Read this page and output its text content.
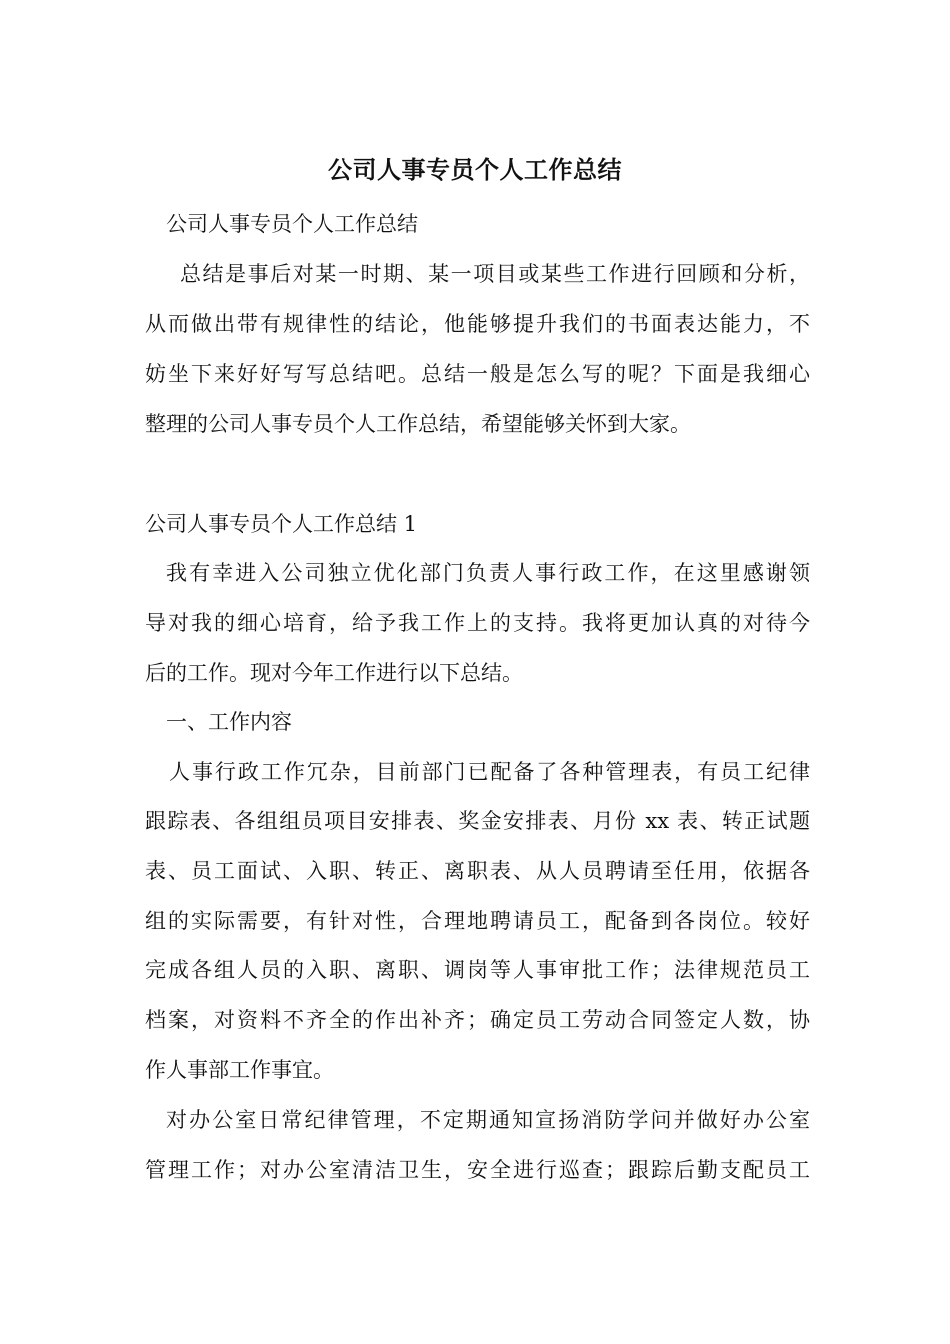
公司人事专员个人工作总结
公司人事专员个人工作总结
总结是事后对某一时期、某一项目或某些工作进行回顾和分析，
从而做出带有规律性的结论，他能够提升我们的书面表达能力，不
妨坐下来好好写写总结吧。总结一般是怎么写的呢？下面是我细心
整理的公司人事专员个人工作总结，希望能够关怀到大家。
公司人事专员个人工作总结 1
我有幸进入公司独立优化部门负责人事行政工作，在这里感谢领
导对我的细心培育，给予我工作上的支持。我将更加认真的对待今
后的工作。现对今年工作进行以下总结。
一、工作内容
人事行政工作冗杂，目前部门已配备了各种管理表，有员工纪律
跟踪表、各组组员项目安排表、奖金安排表、月份 xx 表、转正试题
表、员工面试、入职、转正、离职表、从人员聘请至任用，依据各
组的实际需要，有针对性，合理地聘请员工，配备到各岗位。较好
完成各组人员的入职、离职、调岗等人事审批工作；法律规范员工
档案，对资料不齐全的作出补齐；确定员工劳动合同签定人数，协
作人事部工作事宜。
对办公室日常纪律管理，不定期通知宣扬消防学问并做好办公室
管理工作；对办公室清洁卫生，安全进行巡查；跟踪后勤支配员工
